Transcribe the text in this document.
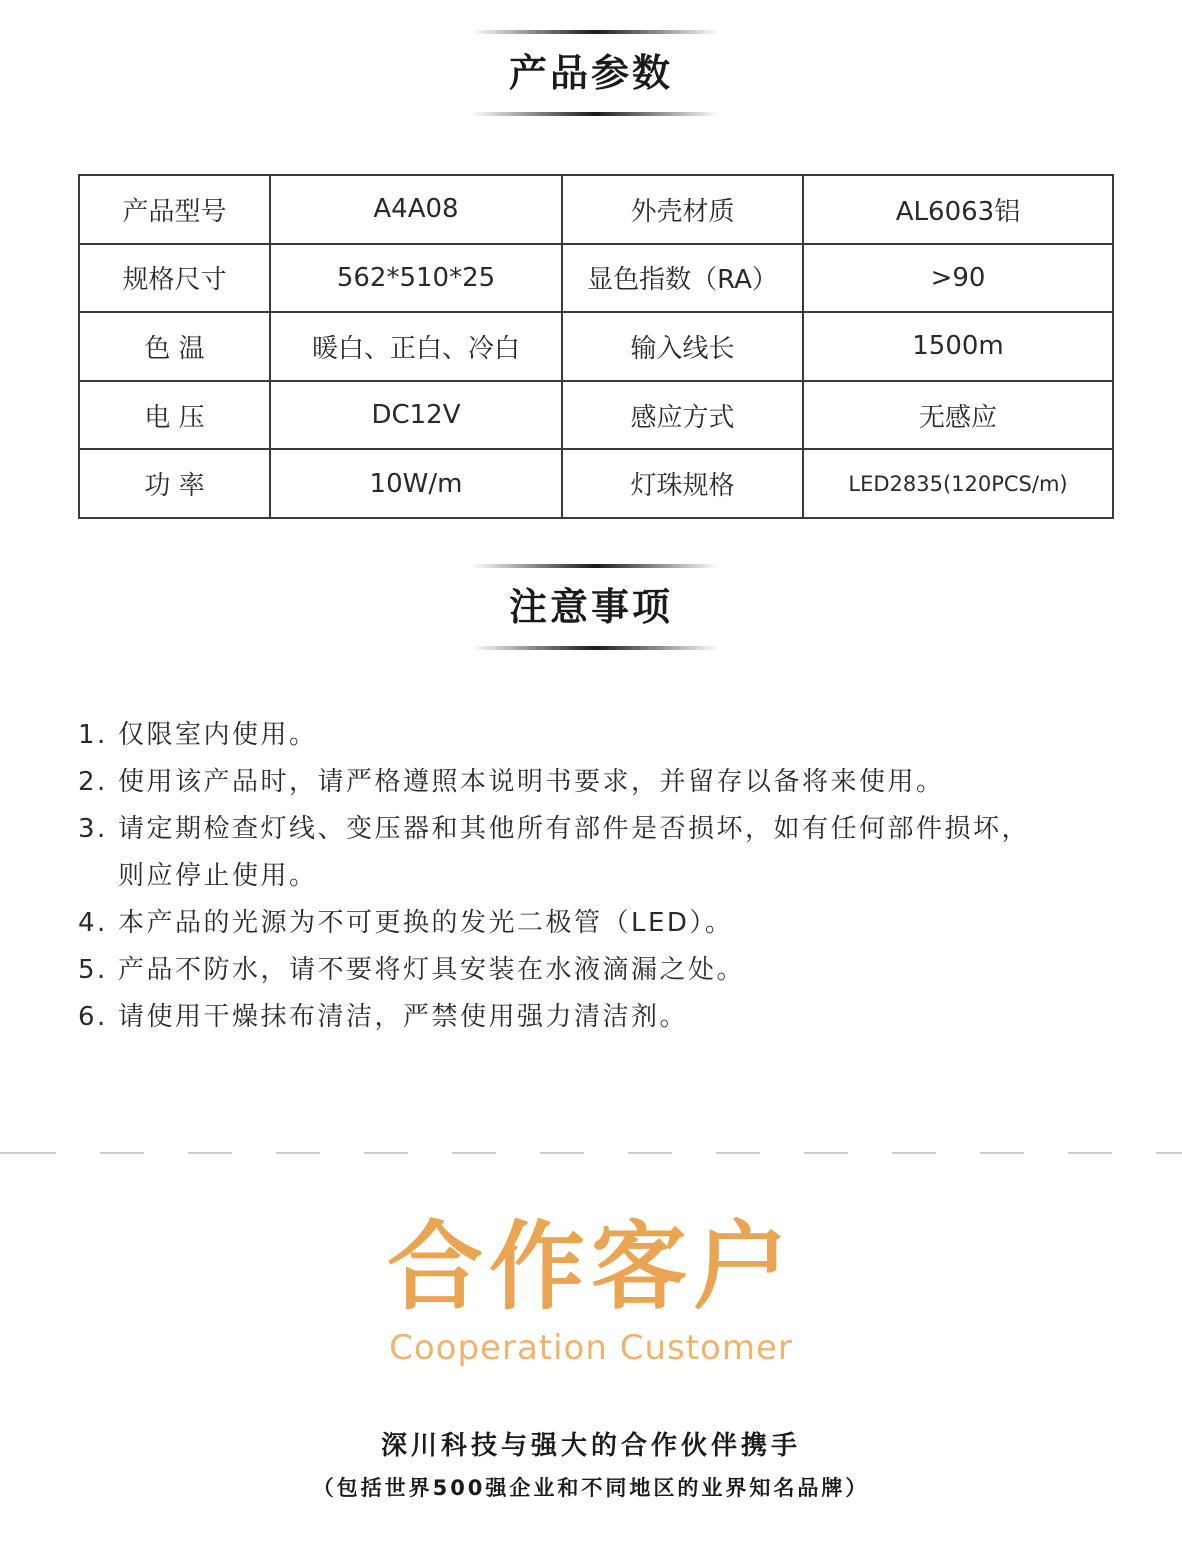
产品参数
产品型号	A4A08	外壳材质	AL6063铝
规格尺寸	562*510*25	显色指数（RA）	>90
色 温	暖白、正白、冷白	输入线长	1500m
电 压	DC12V	感应方式	无感应
功 率	10W/m	灯珠规格	LED2835(120PCS/m)
注意事项
1. 仅限室内使用。
2. 使用该产品时，请严格遵照本说明书要求，并留存以备将来使用。
3. 请定期检查灯线、变压器和其他所有部件是否损坏，如有任何部件损坏，
则应停止使用。
4. 本产品的光源为不可更换的发光二极管（LED）。
5. 产品不防水，请不要将灯具安装在水液滴漏之处。
6. 请使用干燥抹布清洁，严禁使用强力清洁剂。
合作客户
Cooperation Customer
深川科技与强大的合作伙伴携手
（包括世界500强企业和不同地区的业界知名品牌）
